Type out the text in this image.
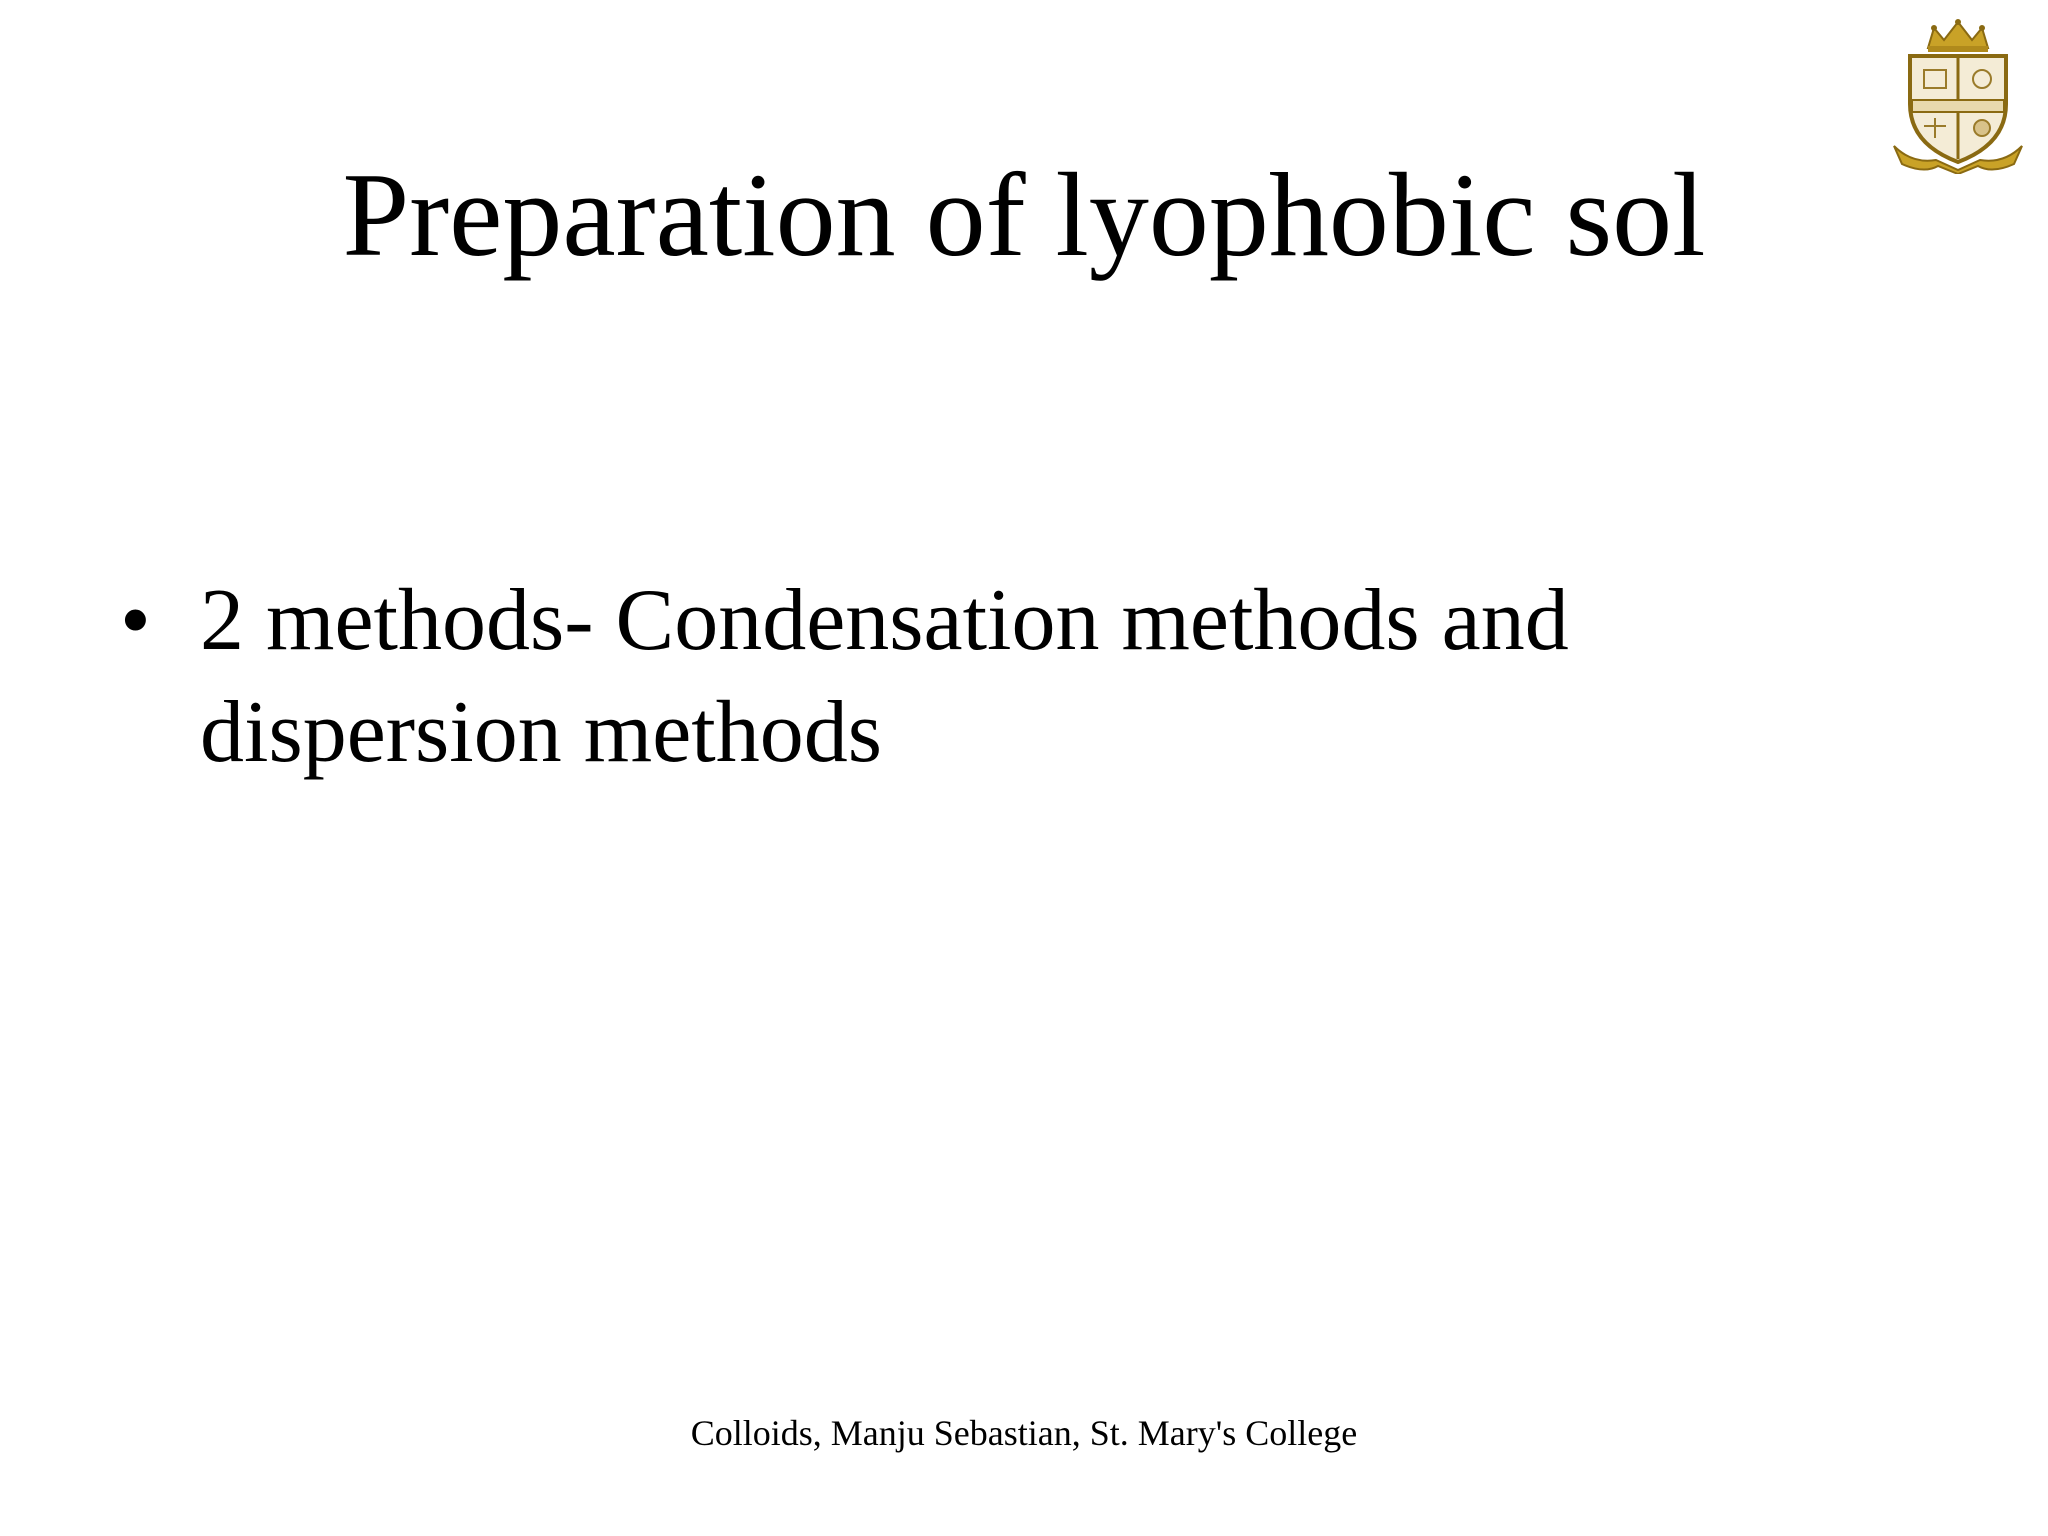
Preparation of lyophobic sol
• 2 methods- Condensation methods and dispersion methods
Colloids, Manju Sebastian, St. Mary's College
